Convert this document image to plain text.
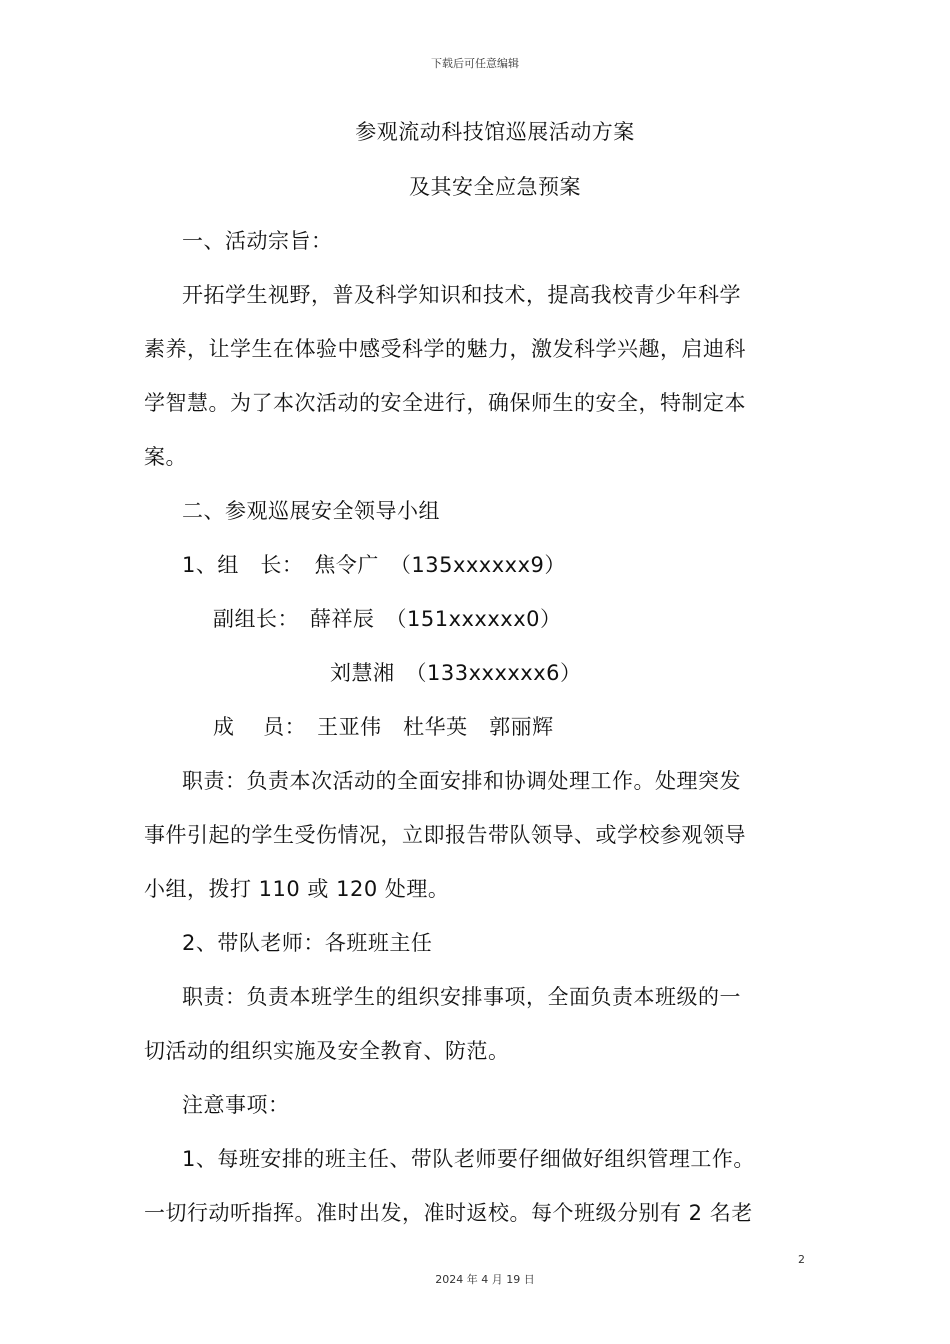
下载后可任意编辑
参观流动科技馆巡展活动方案
及其安全应急预案
一、活动宗旨：
开拓学生视野，普及科学知识和技术，提高我校青少年科学
素养，让学生在体验中感受科学的魅力，激发科学兴趣，启迪科
学智慧。为了本次活动的安全进行，确保师生的安全，特制定本
案。
二、参观巡展安全领导小组
1、组　长：　焦令广　（135xxxxxx9）
副组长：　薛祥辰　（151xxxxxx0）
刘慧湘　（133xxxxxx6）
成　 员：　王亚伟　杜华英　郭丽辉
职责：负责本次活动的全面安排和协调处理工作。处理突发
事件引起的学生受伤情况，立即报告带队领导、或学校参观领导
小组，拨打 110 或 120 处理。
2、带队老师：各班班主任
职责：负责本班学生的组织安排事项，全面负责本班级的一
切活动的组织实施及安全教育、防范。
注意事项：
1、每班安排的班主任、带队老师要仔细做好组织管理工作。
一切行动听指挥。准时出发，准时返校。每个班级分别有 2 名老
2
2024 年 4 月 19 日
